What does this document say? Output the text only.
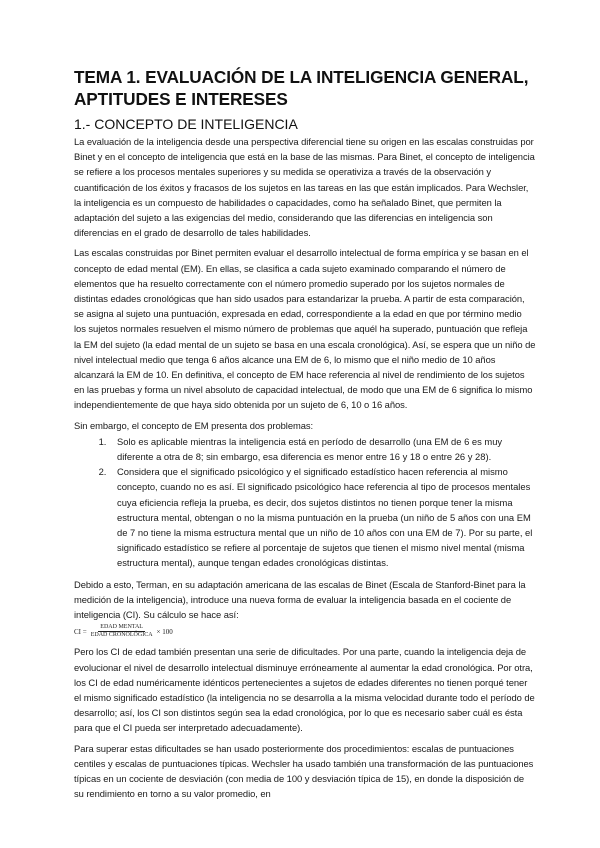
TEMA 1. EVALUACIÓN DE LA INTELIGENCIA GENERAL, APTITUDES E INTERESES
1.- CONCEPTO DE INTELIGENCIA

La evaluación de la inteligencia desde una perspectiva diferencial tiene su origen en las escalas construidas por Binet y en el concepto de inteligencia que está en la base de las mismas. Para Binet, el concepto de inteligencia se refiere a los procesos mentales superiores y su medida se operativiza a través de la observación y cuantificación de los éxitos y fracasos de los sujetos en las tareas en las que están implicados. Para Wechsler, la inteligencia es un compuesto de habilidades o capacidades, como ha señalado Binet, que permiten la adaptación del sujeto a las exigencias del medio, considerando que las diferencias en inteligencia son diferencias en el grado de desarrollo de tales habilidades.

Las escalas construidas por Binet permiten evaluar el desarrollo intelectual de forma empírica y se basan en el concepto de edad mental (EM). En ellas, se clasifica a cada sujeto examinado comparando el número de elementos que ha resuelto correctamente con el número promedio superado por los sujetos normales de distintas edades cronológicas que han sido usados para estandarizar la prueba. A partir de esta comparación, se asigna al sujeto una puntuación, expresada en edad, correspondiente a la edad en que por término medio los sujetos normales resuelven el mismo número de problemas que aquél ha superado, puntuación que refleja la EM del sujeto (la edad mental de un sujeto se basa en una escala cronológica). Así, se espera que un niño de nivel intelectual medio que tenga 6 años alcance una EM de 6, lo mismo que el niño medio de 10 años alcanzará la EM de 10. En definitiva, el concepto de EM hace referencia al nivel de rendimiento de los sujetos en las pruebas y forma un nivel absoluto de capacidad intelectual, de modo que una EM de 6 significa lo mismo independientemente de que haya sido obtenida por un sujeto de 6, 10 o 16 años.

Sin embargo, el concepto de EM presenta dos problemas:

1. Solo es aplicable mientras la inteligencia está en período de desarrollo (una EM de 6 es muy diferente a otra de 8; sin embargo, esa diferencia es menor entre 16 y 18 o entre 26 y 28).
2. Considera que el significado psicológico y el significado estadístico hacen referencia al mismo concepto, cuando no es así. El significado psicológico hace referencia al tipo de procesos mentales cuya eficiencia refleja la prueba, es decir, dos sujetos distintos no tienen porque tener la misma estructura mental, obtengan o no la misma puntuación en la prueba (un niño de 5 años con una EM de 7 no tiene la misma estructura mental que un niño de 10 años con una EM de 7). Por su parte, el significado estadístico se refiere al porcentaje de sujetos que tienen el mismo nivel mental (misma estructura mental), aunque tengan edades cronológicas distintas.

Debido a esto, Terman, en su adaptación americana de las escalas de Binet (Escala de Stanford-Binet para la medición de la inteligencia), introduce una nueva forma de evaluar la inteligencia basada en el cociente de inteligencia (CI). Su cálculo se hace así:

CI = $\frac{\text{EDAD MENTAL}}{\text{EDAD CRONOLÓGICA}} \times 100$

Pero los CI de edad también presentan una serie de dificultades. Por una parte, cuando la inteligencia deja de evolucionar el nivel de desarrollo intelectual disminuye erróneamente al aumentar la edad cronológica. Por otra, los CI de edad numéricamente idénticos pertenecientes a sujetos de edades diferentes no tienen porqué tener el mismo significado estadístico (la inteligencia no se desarrolla a la misma velocidad durante todo el período de desarrollo; así, los CI son distintos según sea la edad cronológica, por lo que es necesario saber cuál es ésta para que el CI pueda ser interpretado adecuadamente).

Para superar estas dificultades se han usado posteriormente dos procedimientos: escalas de puntuaciones centiles y escalas de puntuaciones típicas. Wechsler ha usado también una transformación de las puntuaciones típicas en un cociente de desviación (con media de 100 y desviación típica de 15), en donde la disposición de su rendimiento en torno a su valor promedio, en
